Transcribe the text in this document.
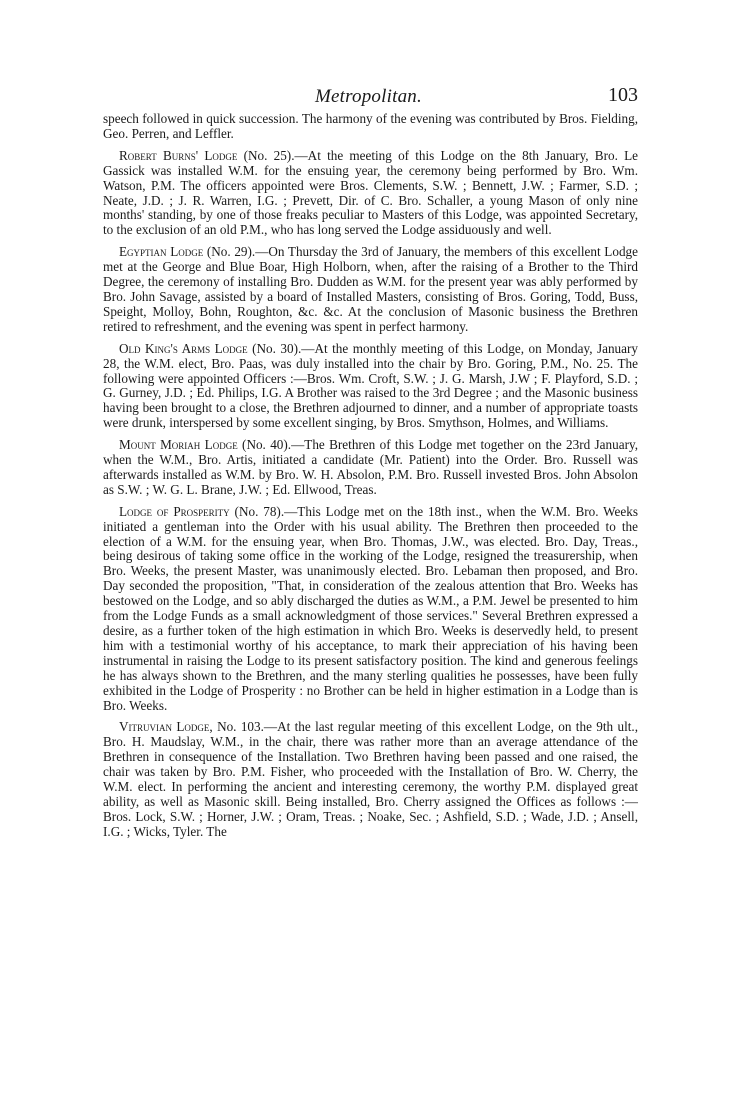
Metropolitan.	103

speech followed in quick succession. The harmony of the evening was contributed by Bros. Fielding, Geo. Perren, and Leffler.

Robert Burns' Lodge (No. 25).—At the meeting of this Lodge on the 8th January, Bro. Le Gassick was installed W.M. for the ensuing year, the ceremony being performed by Bro. Wm. Watson, P.M. The officers appointed were Bros. Clements, S.W. ; Bennett, J.W. ; Farmer, S.D. ; Neate, J.D. ; J. R. Warren, I.G. ; Prevett, Dir. of C. Bro. Schaller, a young Mason of only nine months' standing, by one of those freaks peculiar to Masters of this Lodge, was appointed Secretary, to the exclusion of an old P.M., who has long served the Lodge assiduously and well.

Egyptian Lodge (No. 29).—On Thursday the 3rd of January, the members of this excellent Lodge met at the George and Blue Boar, High Holborn, when, after the raising of a Brother to the Third Degree, the ceremony of installing Bro. Dudden as W.M. for the present year was ably performed by Bro. John Savage, assisted by a board of Installed Masters, consisting of Bros. Goring, Todd, Buss, Speight, Molloy, Bohn, Roughton, &c. &c. At the conclusion of Masonic business the Brethren retired to refreshment, and the evening was spent in perfect harmony.

Old King's Arms Lodge (No. 30).—At the monthly meeting of this Lodge, on Monday, January 28, the W.M. elect, Bro. Paas, was duly installed into the chair by Bro. Goring, P.M., No. 25. The following were appointed Officers :—Bros. Wm. Croft, S.W. ; J. G. Marsh, J.W ; F. Playford, S.D. ; G. Gurney, J.D. ; Ed. Philips, I.G. A Brother was raised to the 3rd Degree ; and the Masonic business having been brought to a close, the Brethren adjourned to dinner, and a number of appropriate toasts were drunk, interspersed by some excellent singing, by Bros. Smythson, Holmes, and Williams.

Mount Moriah Lodge (No. 40).—The Brethren of this Lodge met together on the 23rd January, when the W.M., Bro. Artis, initiated a candidate (Mr. Patient) into the Order. Bro. Russell was afterwards installed as W.M. by Bro. W. H. Absolon, P.M. Bro. Russell invested Bros. John Absolon as S.W. ; W. G. L. Brane, J.W. ; Ed. Ellwood, Treas.

Lodge of Prosperity (No. 78).—This Lodge met on the 18th inst., when the W.M. Bro. Weeks initiated a gentleman into the Order with his usual ability. The Brethren then proceeded to the election of a W.M. for the ensuing year, when Bro. Thomas, J.W., was elected. Bro. Day, Treas., being desirous of taking some office in the working of the Lodge, resigned the treasurership, when Bro. Weeks, the present Master, was unanimously elected. Bro. Lebaman then proposed, and Bro. Day seconded the proposition, "That, in consideration of the zealous attention that Bro. Weeks has bestowed on the Lodge, and so ably discharged the duties as W.M., a P.M. Jewel be presented to him from the Lodge Funds as a small acknowledgment of those services." Several Brethren expressed a desire, as a further token of the high estimation in which Bro. Weeks is deservedly held, to present him with a testimonial worthy of his acceptance, to mark their appreciation of his having been instrumental in raising the Lodge to its present satisfactory position. The kind and generous feelings he has always shown to the Brethren, and the many sterling qualities he possesses, have been fully exhibited in the Lodge of Prosperity : no Brother can be held in higher estimation in a Lodge than is Bro. Weeks.

Vitruvian Lodge, No. 103.—At the last regular meeting of this excellent Lodge, on the 9th ult., Bro. H. Maudslay, W.M., in the chair, there was rather more than an average attendance of the Brethren in consequence of the Installation. Two Brethren having been passed and one raised, the chair was taken by Bro. P.M. Fisher, who proceeded with the Installation of Bro. W. Cherry, the W.M. elect. In performing the ancient and interesting ceremony, the worthy P.M. displayed great ability, as well as Masonic skill. Being installed, Bro. Cherry assigned the Offices as follows :—Bros. Lock, S.W. ; Horner, J.W. ; Oram, Treas. ; Noake, Sec. ; Ashfield, S.D. ; Wade, J.D. ; Ansell, I.G. ; Wicks, Tyler. The
